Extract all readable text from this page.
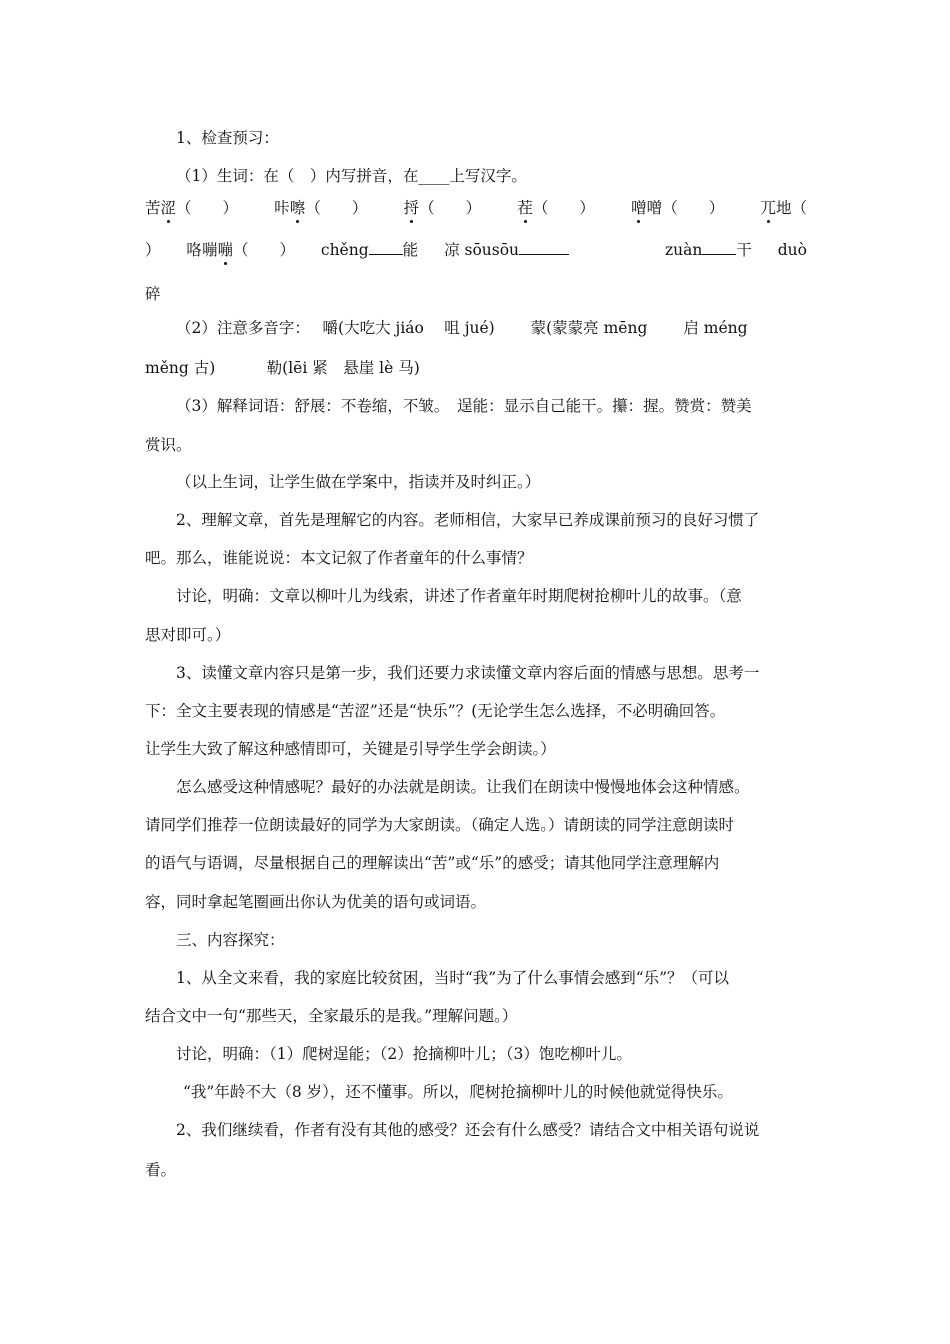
1、检查预习：
（1）生词：在（　）内写拼音，在____上写汉字。
苦涩（　　） 咔嚓（　　） 捋（　　） 茬（　　） 噌噌（　　） 兀地（
） 咯嘣嘣（　　） chěng 能 凉 sōusōu	zuàn 干 duò
碎
（2）注意多音字：　 嚼(大吃大 jiáo　 咀 jué)　　 蒙(蒙蒙亮 mēng　　 启 méng
měng 古)　　　 勒(lēi 紧　悬崖 lè 马)
（3）解释词语：舒展：不卷缩，不皱。　逞能：显示自己能干。攥：握。赞赏：赞美
赏识。
（以上生词，让学生做在学案中，指读并及时纠正。）
2、理解文章，首先是理解它的内容。老师相信，大家早已养成课前预习的良好习惯了
吧。那么，谁能说说：本文记叙了作者童年的什么事情？
讨论，明确：文章以柳叶儿为线索，讲述了作者童年时期爬树抢柳叶儿的故事。（意
思对即可。）
3、读懂文章内容只是第一步，我们还要力求读懂文章内容后面的情感与思想。思考一
下：全文主要表现的情感是“苦涩”还是“快乐”？(无论学生怎么选择，不必明确回答。
让学生大致了解这种感情即可，关键是引导学生学会朗读。）
怎么感受这种情感呢？最好的办法就是朗读。让我们在朗读中慢慢地体会这种情感。
请同学们推荐一位朗读最好的同学为大家朗读。（确定人选。）请朗读的同学注意朗读时
的语气与语调，尽量根据自己的理解读出“苦”或“乐”的感受；请其他同学注意理解内
容，同时拿起笔圈画出你认为优美的语句或词语。
三、内容探究：
1、从全文来看，我的家庭比较贫困，当时“我”为了什么事情会感到“乐”？（可以
结合文中一句“那些天，全家最乐的是我。”理解问题。）
讨论，明确：（1）爬树逞能；（2）抢摘柳叶儿；（3）饱吃柳叶儿。
“我”年龄不大（8 岁），还不懂事。所以，爬树抢摘柳叶儿的时候他就觉得快乐。
2、我们继续看，作者有没有其他的感受？还会有什么感受？请结合文中相关语句说说
看。
